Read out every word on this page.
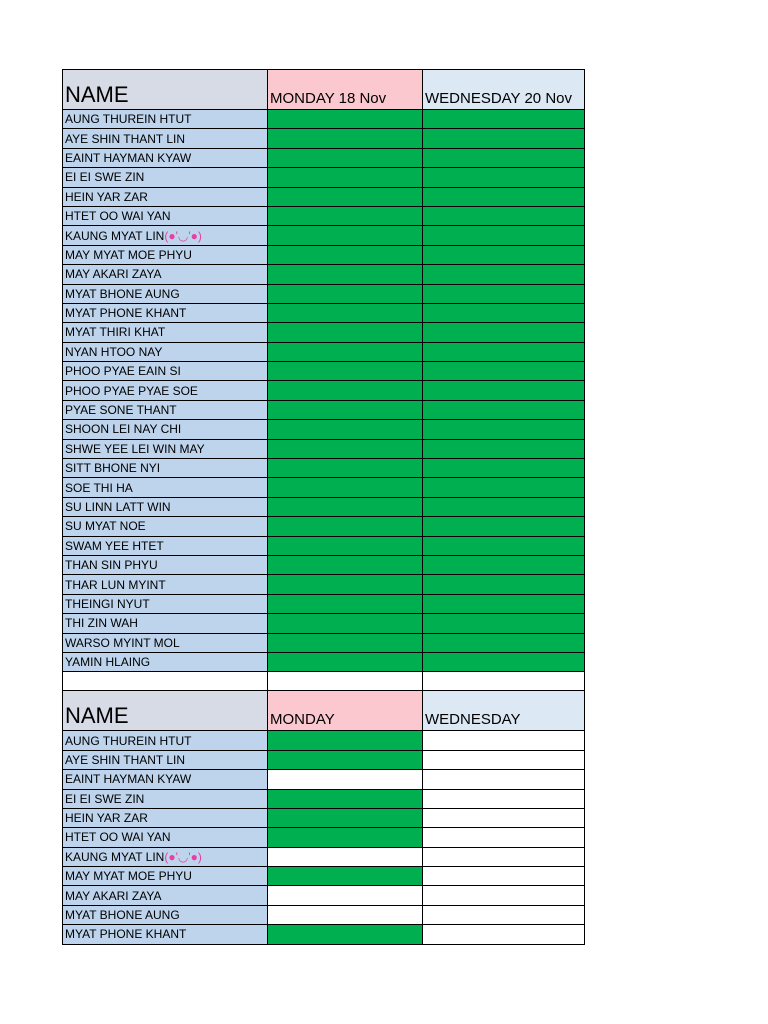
NAME	MONDAY 18 Nov	WEDNESDAY 20 Nov
AUNG THUREIN HTUT		
AYE SHIN THANT LIN		
EAINT HAYMAN KYAW		
EI EI SWE ZIN		
HEIN YAR ZAR		
HTET OO WAI YAN		
KAUNG MYAT LIN(●'◡'●)		
MAY MYAT MOE PHYU		
MAY AKARI ZAYA		
MYAT BHONE AUNG		
MYAT PHONE KHANT		
MYAT THIRI KHAT		
NYAN HTOO NAY		
PHOO PYAE EAIN SI		
PHOO PYAE PYAE SOE		
PYAE SONE THANT		
SHOON LEI NAY CHI		
SHWE YEE LEI WIN MAY		
SITT BHONE NYI		
SOE THI HA		
SU LINN LATT WIN		
SU MYAT NOE		
SWAM YEE HTET		
THAN SIN PHYU		
THAR LUN MYINT		
THEINGI NYUT		
THI ZIN WAH		
WARSO MYINT MOL		
YAMIN HLAING		

NAME	MONDAY	WEDNESDAY
AUNG THUREIN HTUT		
AYE SHIN THANT LIN		
EAINT HAYMAN KYAW		
EI EI SWE ZIN		
HEIN YAR ZAR		
HTET OO WAI YAN		
KAUNG MYAT LIN(●'◡'●)		
MAY MYAT MOE PHYU		
MAY AKARI ZAYA		
MYAT BHONE AUNG		
MYAT PHONE KHANT		
